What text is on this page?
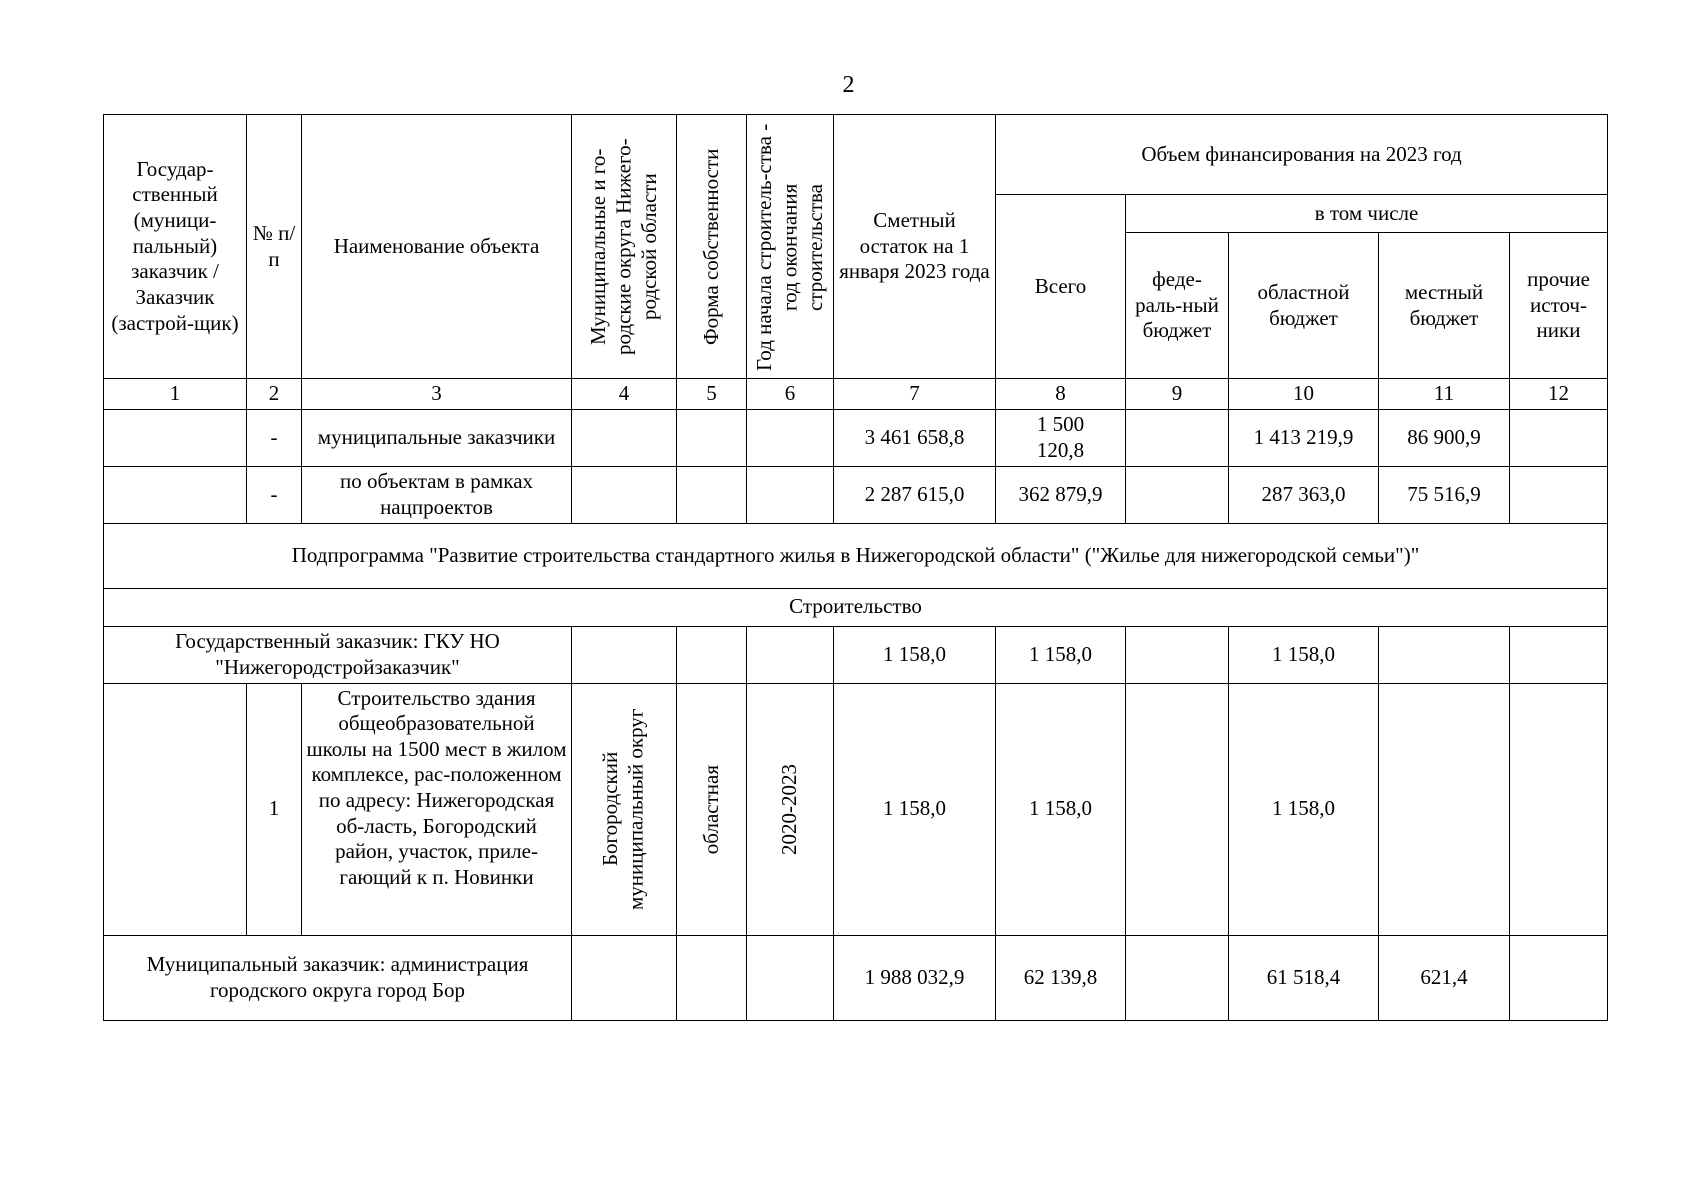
2
Государ-ственный (муници-пальный) заказчик / Заказчик (застрой-щик)	№ п/п	Наименование объекта	Муниципальные и го-родские округа Нижего-родской области	Форма собственности	Год начала строитель-ства - год окончания строительства	Сметный остаток на 1 января 2023 года	Объем финансирования на 2023 год				
							Всего	в том числе			
								феде-раль-ный бюджет	областной бюджет	местный бюджет	прочие источ-ники
1	2	3	4	5	6	7	8	9	10	11	12
	-	муниципальные заказчики				3 461 658,8	1 500 120,8		1 413 219,9	86 900,9	
	-	по объектам в рамках нацпроектов				2 287 615,0	362 879,9		287 363,0	75 516,9	
Подпрограмма "Развитие строительства стандартного жилья в Нижегородской области" ("Жилье для нижегородской семьи")"											
Строительство											
Государственный заказчик: ГКУ НО "Нижегородстройзаказчик"						1 158,0	1 158,0		1 158,0		
	1	Строительство здания общеобразовательной школы на 1500 мест в жилом комплексе, рас-положенном по адресу: Нижегородская об-ласть, Богородский район, участок, приле-гающий к п. Новинки	Богородский муниципальный округ	областная	2020-2023	1 158,0	1 158,0		1 158,0		
Муниципальный заказчик: администрация городского округа город Бор						1 988 032,9	62 139,8		61 518,4	621,4	
